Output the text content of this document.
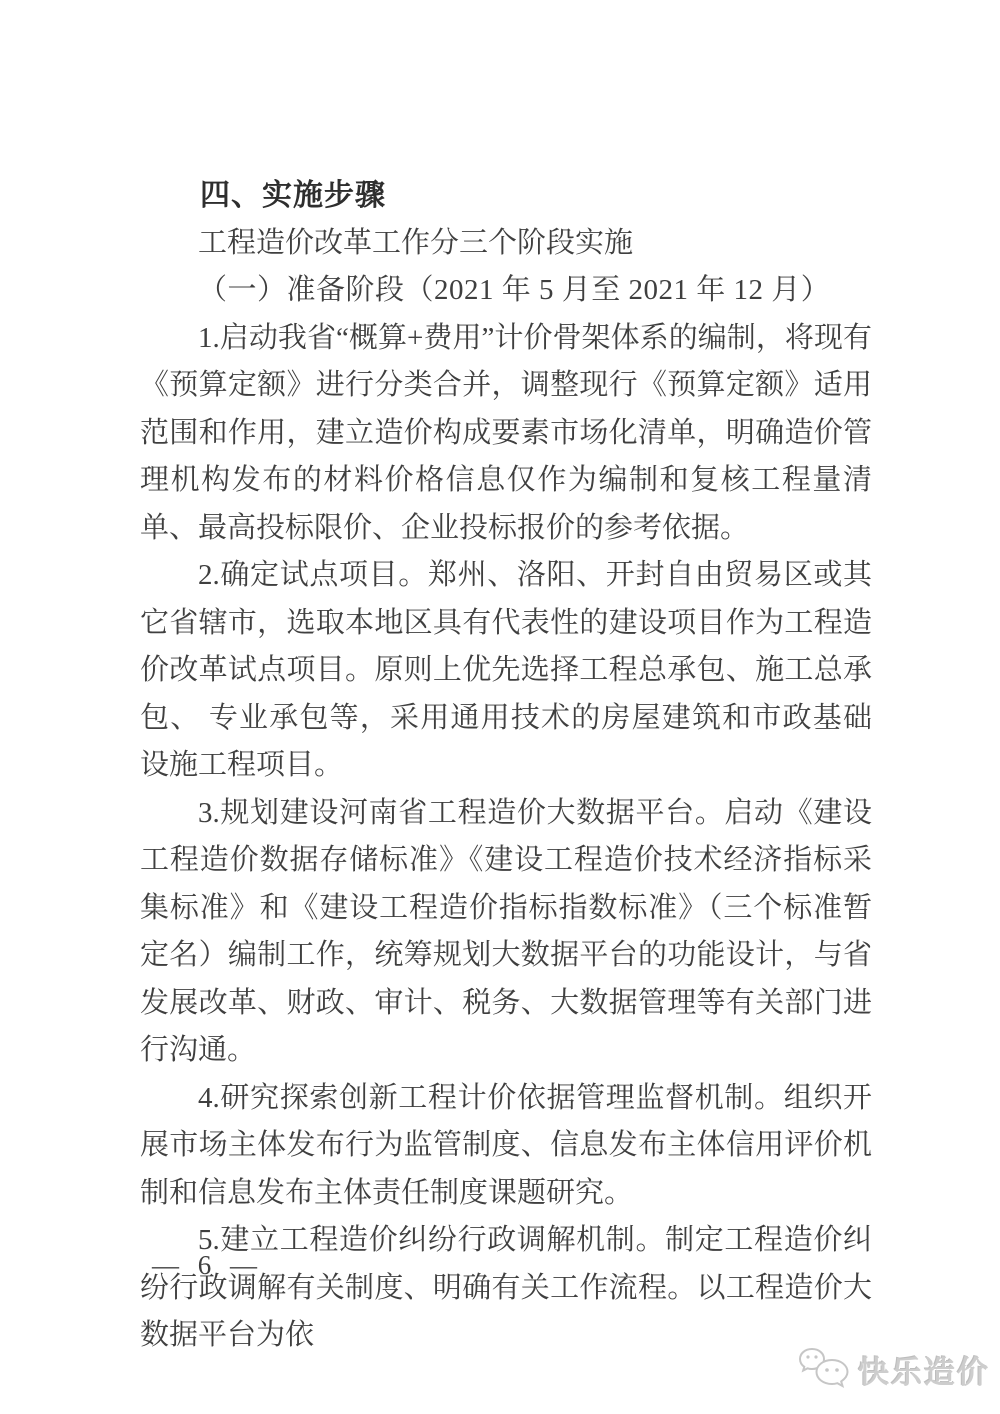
四、实施步骤

工程造价改革工作分三个阶段实施

（一）准备阶段（2021 年 5 月至 2021 年 12 月）

1.启动我省“概算+费用”计价骨架体系的编制，将现有《预算定额》进行分类合并，调整现行《预算定额》适用范围和作用，建立造价构成要素市场化清单，明确造价管理机构发布的材料价格信息仅作为编制和复核工程量清单、最高投标限价、企业投标报价的参考依据。

2.确定试点项目。郑州、洛阳、开封自由贸易区或其它省辖市，选取本地区具有代表性的建设项目作为工程造价改革试点项目。原则上优先选择工程总承包、施工总承包、 专业承包等，采用通用技术的房屋建筑和市政基础设施工程项目。

3.规划建设河南省工程造价大数据平台。启动《建设工程造价数据存储标准》《建设工程造价技术经济指标采集标准》和《建设工程造价指标指数标准》（三个标准暂定名）编制工作，统筹规划大数据平台的功能设计，与省发展改革、财政、审计、税务、大数据管理等有关部门进行沟通。

4.研究探索创新工程计价依据管理监督机制。组织开展市场主体发布行为监管制度、信息发布主体信用评价机制和信息发布主体责任制度课题研究。

5.建立工程造价纠纷行政调解机制。制定工程造价纠纷行政调解有关制度、明确有关工作流程。以工程造价大数据平台为依

— 6 —
快乐造价
